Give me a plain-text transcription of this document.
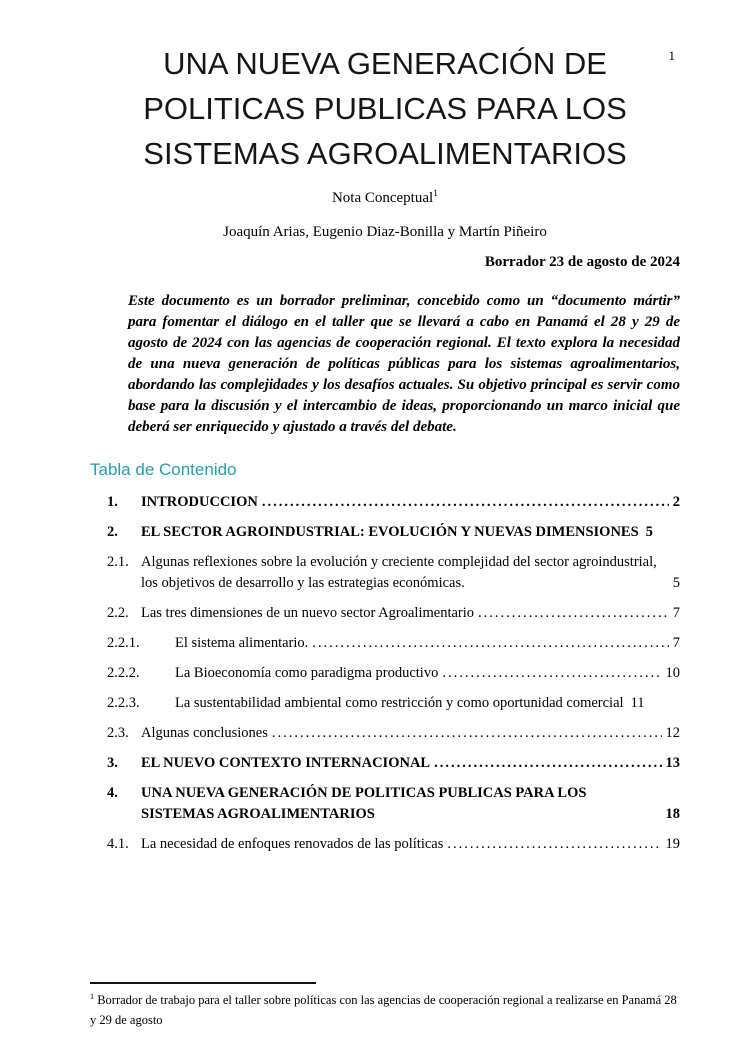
1
UNA NUEVA GENERACIÓN DE
POLITICAS PUBLICAS PARA LOS
SISTEMAS AGROALIMENTARIOS
Nota Conceptual$^1$
Joaquín Arias, Eugenio Diaz-Bonilla y Martín Piñeiro
Borrador 23 de agosto de 2024

Este documento es un borrador preliminar, concebido como un “documento mártir” para fomentar el diálogo en el taller que se llevará a cabo en Panamá el 28 y 29 de agosto de 2024 con las agencias de cooperación regional. El texto explora la necesidad de una nueva generación de políticas públicas para los sistemas agroalimentarios, abordando las complejidades y los desafíos actuales. Su objetivo principal es servir como base para la discusión y el intercambio de ideas, proporcionando un marco inicial que deberá ser enriquecido y ajustado a través del debate.

Tabla de Contenido
1.	INTRODUCCION .....	2
2.	EL SECTOR AGROINDUSTRIAL: EVOLUCIÓN Y NUEVAS DIMENSIONES 5
2.1. Algunas reflexiones sobre la evolución y creciente complejidad del sector agroindustrial, los objetivos de desarrollo y las estrategias económicas.	5
2.2. Las tres dimensiones de un nuevo sector Agroalimentario .....	7
2.2.1.	El sistema alimentario. .....	7
2.2.2.	La Bioeconomía como paradigma productivo .....	10
2.2.3.	La sustentabilidad ambiental como restricción y como oportunidad comercial 11
2.3. Algunas conclusiones .....	12
3.	EL NUEVO CONTEXTO INTERNACIONAL .....	13
4.	UNA NUEVA GENERACIÓN DE POLITICAS PUBLICAS PARA LOS SISTEMAS AGROALIMENTARIOS	18
4.1. La necesidad de enfoques renovados de las políticas .....	19
$^1$ Borrador de trabajo para el taller sobre políticas con las agencias de cooperación regional a realizarse en Panamá 28 y 29 de agosto
